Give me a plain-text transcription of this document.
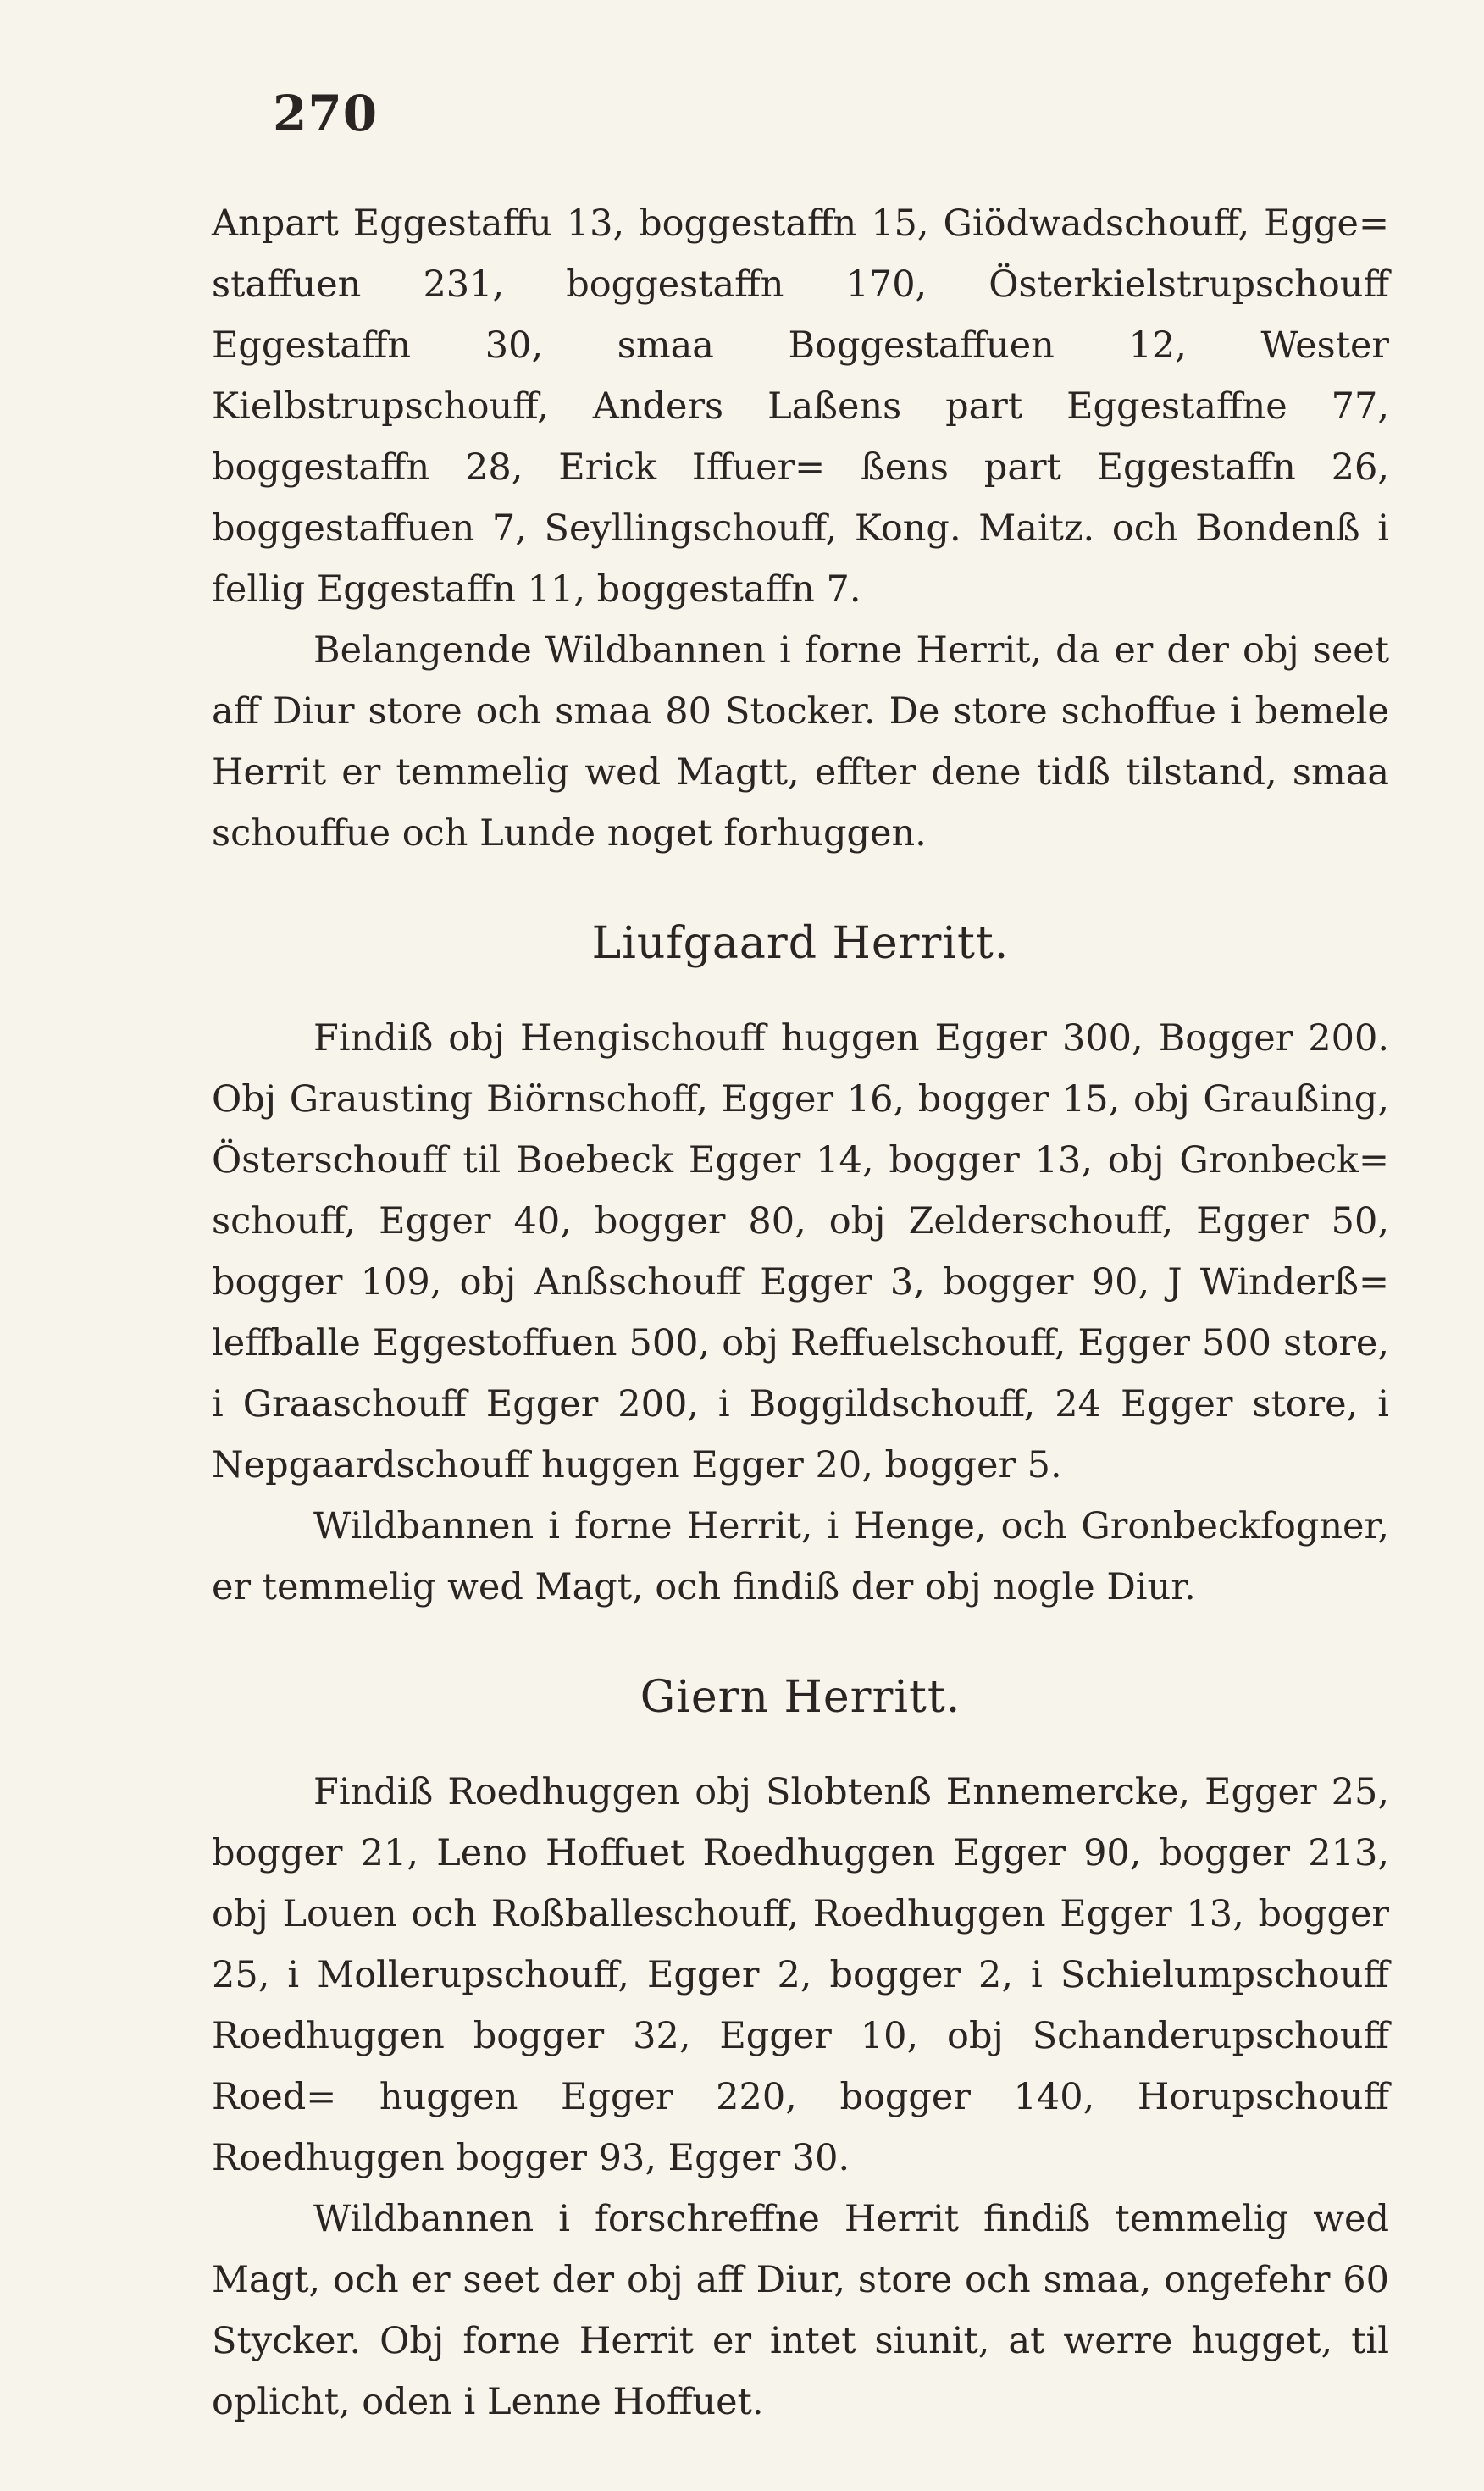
270

Anpart Eggestaffu 13, boggestaffn 15, Giödwadschouff, Egge= staffuen 231, boggestaffn 170, Österkielstrupschouff Eggestaffn 30, smaa Boggestaffuen 12, Wester Kielbstrupschouff, Anders Laßens part Eggestaffne 77, boggestaffn 28, Erick Iffuer= ßens part Eggestaffn 26, boggestaffuen 7, Seyllingschouff, Kong. Maitz. och Bondenß i fellig Eggestaffn 11, boggestaffn 7.

Belangende Wildbannen i forne Herrit, da er der obj seet aff Diur store och smaa 80 Stocker. De store schoffue i bemele Herrit er temmelig wed Magtt, effter dene tidß tilstand, smaa schouffue och Lunde noget forhuggen.

Liufgaard Herritt.

Findiß obj Hengischouff huggen Egger 300, Bogger 200. Obj Grausting Biörnschoff, Egger 16, bogger 15, obj Graußing, Österschouff til Boebeck Egger 14, bogger 13, obj Gronbeck= schouff, Egger 40, bogger 80, obj Zelderschouff, Egger 50, bogger 109, obj Anßschouff Egger 3, bogger 90, J Winderß= leffballe Eggestoffuen 500, obj Reffuelschouff, Egger 500 store, i Graaschouff Egger 200, i Boggildschouff, 24 Egger store, i Nepgaardschouff huggen Egger 20, bogger 5.

Wildbannen i forne Herrit, i Henge, och Gronbeckfogner, er temmelig wed Magt, och findiß der obj nogle Diur.

Giern Herritt.

Findiß Roedhuggen obj Slobtenß Ennemercke, Egger 25, bogger 21, Leno Hoffuet Roedhuggen Egger 90, bogger 213, obj Louen och Roßballeschouff, Roedhuggen Egger 13, bogger 25, i Mollerupschouff, Egger 2, bogger 2, i Schielumpschouff Roedhuggen bogger 32, Egger 10, obj Schanderupschouff Roed= huggen Egger 220, bogger 140, Horupschouff Roedhuggen bogger 93, Egger 30.

Wildbannen i forschreffne Herrit findiß temmelig wed Magt, och er seet der obj aff Diur, store och smaa, ongefehr 60 Stycker. Obj forne Herrit er intet siunit, at werre hugget, til oplicht, oden i Lenne Hoffuet.
